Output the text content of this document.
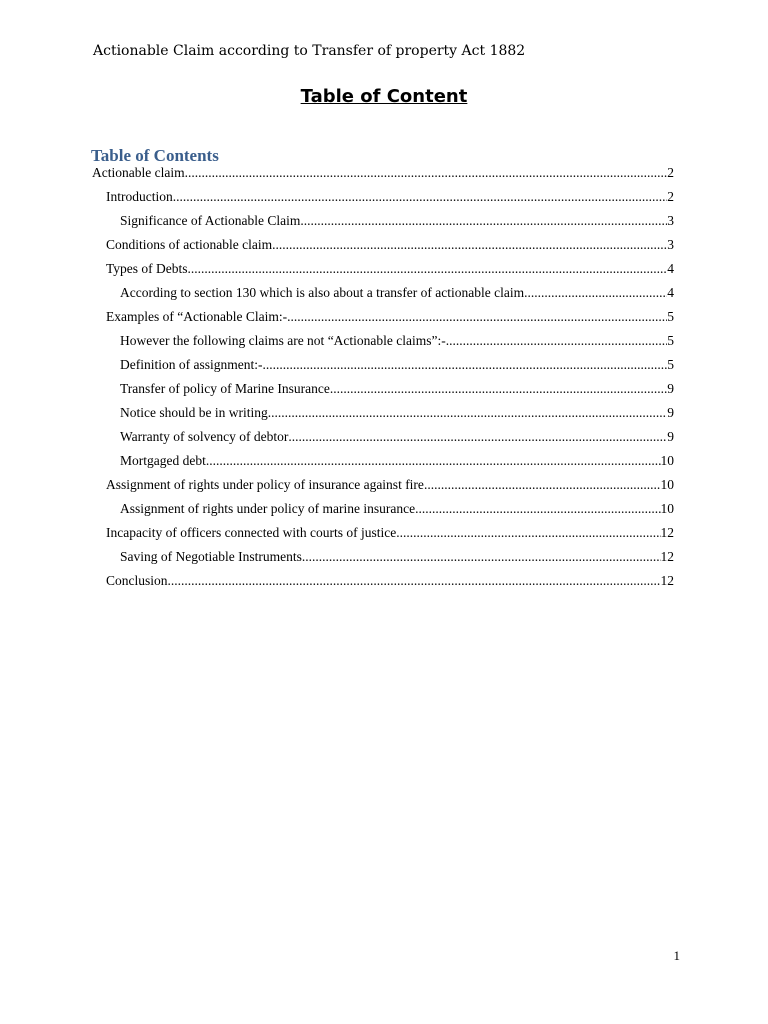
Actionable Claim according to Transfer of property Act 1882
Table of Content
Table of Contents
Actionable claim .....	2
Introduction .....	2
Significance of Actionable Claim .....	3
Conditions of actionable claim .....	3
Types of Debts .....	4
According to section 130 which is also about a transfer of actionable claim .....	4
Examples of “Actionable Claim:- .....	5
However the following claims are not “Actionable claims”:- .....	5
Definition of assignment:- .....	5
Transfer of policy of Marine Insurance .....	9
Notice should be in writing .....	9
Warranty of solvency of debtor .....	9
Mortgaged debt .....	10
Assignment of rights under policy of insurance against fire .....	10
Assignment of rights under policy of marine insurance .....	10
Incapacity of officers connected with courts of justice .....	12
Saving of Negotiable Instruments .....	12
Conclusion .....	12
1
